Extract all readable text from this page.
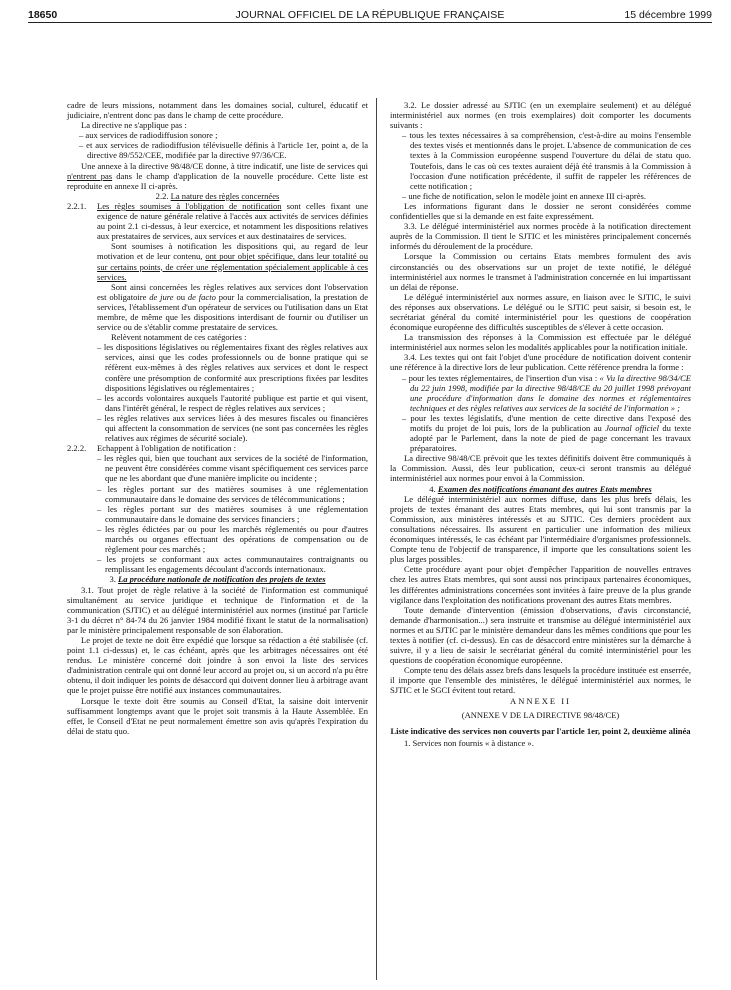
18650	JOURNAL OFFICIEL DE LA RÉPUBLIQUE FRANÇAISE	15 décembre 1999

cadre de leurs missions, notamment dans les domaines social, culturel, éducatif et judiciaire, n'entrent donc pas dans le champ de cette procédure.

La directive ne s'applique pas :

– aux services de radiodiffusion sonore ;

– et aux services de radiodiffusion télévisuelle définis à l'article 1er, point a, de la directive 89/552/CEE, modifiée par la directive 97/36/CE.

Une annexe à la directive 98/48/CE donne, à titre indicatif, une liste de services qui n'entrent pas dans le champ d'application de la nouvelle procédure. Cette liste est reproduite en annexe II ci-après.

2.2. La nature des règles concernées

2.2.1. Les règles soumises à l'obligation de notification sont celles fixant une exigence de nature générale relative à l'accès aux activités de services définies au point 2.1 ci-dessus, à leur exercice, et notamment les dispositions relatives aux prestataires de services, aux services et aux destinataires de services.

Sont soumises à notification les dispositions qui, au regard de leur motivation et de leur contenu, ont pour objet spécifique, dans leur totalité ou sur certains points, de créer une réglementation spécialement applicable à ces services.

Sont ainsi concernées les règles relatives aux services dont l'observation est obligatoire de jure ou de facto pour la commercialisation, la prestation de services, l'établissement d'un opérateur de services ou l'utilisation dans un Etat membre, de même que les dispositions interdisant de fournir ou d'utiliser un service ou de s'établir comme prestataire de services.

Relèvent notamment de ces catégories :

– les dispositions législatives ou réglementaires fixant des règles relatives aux services, ainsi que les codes professionnels ou de bonne pratique qui se réfèrent eux-mêmes à des règles relatives aux services et dont le respect confère une présomption de conformité aux prescriptions fixées par lesdites dispositions législatives ou réglementaires ;

– les accords volontaires auxquels l'autorité publique est partie et qui visent, dans l'intérêt général, le respect de règles relatives aux services ;

– les règles relatives aux services liées à des mesures fiscales ou financières qui affectent la consommation de services (ne sont pas concernées les règles relatives aux régimes de sécurité sociale).

2.2.2. Echappent à l'obligation de notification :

– les règles qui, bien que touchant aux services de la société de l'information, ne peuvent être considérées comme visant spécifiquement ces services parce que ne les abordant que d'une manière implicite ou incidente ;

– les règles portant sur des matières soumises à une réglementation communautaire dans le domaine des services de télécommunications ;

– les règles portant sur des matières soumises à une réglementation communautaire dans le domaine des services financiers ;

– les règles édictées par ou pour les marchés réglementés ou pour d'autres marchés ou organes effectuant des opérations de compensation ou de règlement pour ces marchés ;

– les projets se conformant aux actes communautaires contraignants ou remplissant les engagements découlant d'accords internationaux.

3. La procédure nationale de notification des projets de textes

3.1. Tout projet de règle relative à la société de l'information est communiqué simultanément au service juridique et technique de l'information et de la communication (SJTIC) et au délégué interministériel aux normes (institué par l'article 3-1 du décret n° 84-74 du 26 janvier 1984 modifié fixant le statut de la normalisation) par le ministère principalement responsable de son élaboration.

Le projet de texte ne doit être expédié que lorsque sa rédaction a été stabilisée (cf. point 1.1 ci-dessus) et, le cas échéant, après que les arbitrages nécessaires ont été rendus. Le ministère concerné doit joindre à son envoi la liste des services d'administration centrale qui ont donné leur accord au projet ou, si un accord n'a pu être obtenu, il doit indiquer les points de désaccord qui doivent donner lieu à arbitrage avant que le projet puisse être notifié aux instances communautaires.

Lorsque le texte doit être soumis au Conseil d'Etat, la saisine doit intervenir suffisamment longtemps avant que le projet soit transmis à la Haute Assemblée. En effet, le Conseil d'Etat ne peut normalement émettre son avis qu'après l'expiration du délai de statu quo.

3.2. Le dossier adressé au SJTIC (en un exemplaire seulement) et au délégué interministériel aux normes (en trois exemplaires) doit comporter les documents suivants :

– tous les textes nécessaires à sa compréhension, c'est-à-dire au moins l'ensemble des textes visés et mentionnés dans le projet. L'absence de communication de ces textes à la Commission européenne suspend l'ouverture du délai de statu quo. Toutefois, dans le cas où ces textes auraient déjà été transmis à la Commission à l'occasion d'une notification précédente, il suffit de rappeler les références de cette notification ;

– une fiche de notification, selon le modèle joint en annexe III ci-après.

Les informations figurant dans le dossier ne seront considérées comme confidentielles que si la demande en est faite expressément.

3.3. Le délégué interministériel aux normes procède à la notification directement auprès de la Commission. Il tient le SJTIC et les ministères principalement concernés informés du déroulement de la procédure.

Lorsque la Commission ou certains Etats membres formulent des avis circonstanciés ou des observations sur un projet de texte notifié, le délégué interministériel aux normes le transmet à l'administration concernée en lui impartissant un délai de réponse.

Le délégué interministériel aux normes assure, en liaison avec le SJTIC, le suivi des réponses aux observations. Le délégué ou le SJTIC peut saisir, si besoin est, le secrétariat général du comité interministériel pour les questions de coopération économique européenne des difficultés susceptibles de s'élever à cette occasion.

La transmission des réponses à la Commission est effectuée par le délégué interministériel aux normes selon les modalités applicables pour la notification initiale.

3.4. Les textes qui ont fait l'objet d'une procédure de notification doivent contenir une référence à la directive lors de leur publication. Cette référence prendra la forme :

– pour les textes réglementaires, de l'insertion d'un visa : « Vu la directive 98/34/CE du 22 juin 1998, modifiée par la directive 98/48/CE du 20 juillet 1998 prévoyant une procédure d'information dans le domaine des normes et réglementaires techniques et des règles relatives aux services de la société de l'information » ;

– pour les textes législatifs, d'une mention de cette directive dans l'exposé des motifs du projet de loi puis, lors de la publication au Journal officiel du texte adopté par le Parlement, dans la note de pied de page concernant les travaux préparatoires.

La directive 98/48/CE prévoit que les textes définitifs doivent être communiqués à la Commission. Aussi, dès leur publication, ceux-ci seront transmis au délégué interministériel aux normes pour envoi à la Commission.

4. Examen des notifications émanant des autres Etats membres

Le délégué interministériel aux normes diffuse, dans les plus brefs délais, les projets de textes émanant des autres Etats membres, qui lui sont transmis par la Commission, aux ministères intéressés et au SJTIC. Ces derniers procèdent aux consultations nécessaires. Ils assurent en particulier une information des milieux économiques intéressés, le cas échéant par l'intermédiaire d'organismes professionnels. Compte tenu de l'objectif de transparence, il importe que les consultations soient les plus larges possibles.

Cette procédure ayant pour objet d'empêcher l'apparition de nouvelles entraves chez les autres Etats membres, qui sont aussi nos principaux partenaires économiques, les différentes administrations concernées sont invitées à faire preuve de la plus grande vigilance dans l'exploitation des notifications provenant des autres Etats membres.

Toute demande d'intervention (émission d'observations, d'avis circonstancié, demande d'harmonisation...) sera instruite et transmise au délégué interministériel aux normes et au SJTIC par le ministère demandeur dans les mêmes conditions que pour les textes à notifier (cf. ci-dessus). En cas de désaccord entre ministères sur la démarche à suivre, il y a lieu de saisir le secrétariat général du comité interministériel pour les questions de coopération économique européenne.

Compte tenu des délais assez brefs dans lesquels la procédure instituée est enserrée, il importe que l'ensemble des ministères, le délégué interministériel aux normes, le SJTIC et le SGCI évitent tout retard.

ANNEXE II

(ANNEXE V DE LA DIRECTIVE 98/48/CE)

Liste indicative des services non couverts par l'article 1er, point 2, deuxième alinéa

1. Services non fournis « à distance ».
